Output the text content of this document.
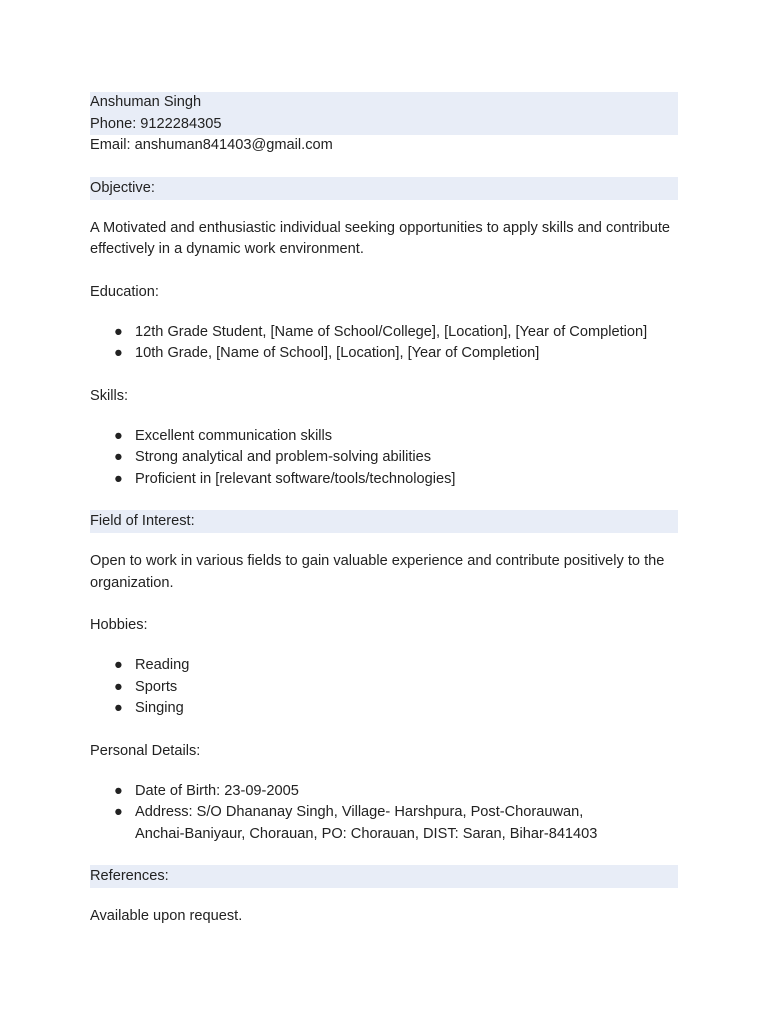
Anshuman Singh
Phone: 9122284305
Email: anshuman841403@gmail.com
Objective:
A Motivated and enthusiastic individual seeking opportunities to apply skills and contribute effectively in a dynamic work environment.
Education:
● 12th Grade Student, [Name of School/College], [Location], [Year of Completion]
● 10th Grade, [Name of School], [Location], [Year of Completion]
Skills:
● Excellent communication skills
● Strong analytical and problem-solving abilities
● Proficient in [relevant software/tools/technologies]
Field of Interest:
Open to work in various fields to gain valuable experience and contribute positively to the organization.
Hobbies:
● Reading
● Sports
● Singing
Personal Details:
● Date of Birth: 23-09-2005
● Address: S/O Dhananay Singh, Village- Harshpura, Post-Chorauwan, Anchai-Baniyaur, Chorauan, PO: Chorauan, DIST: Saran, Bihar-841403
References:
Available upon request.
